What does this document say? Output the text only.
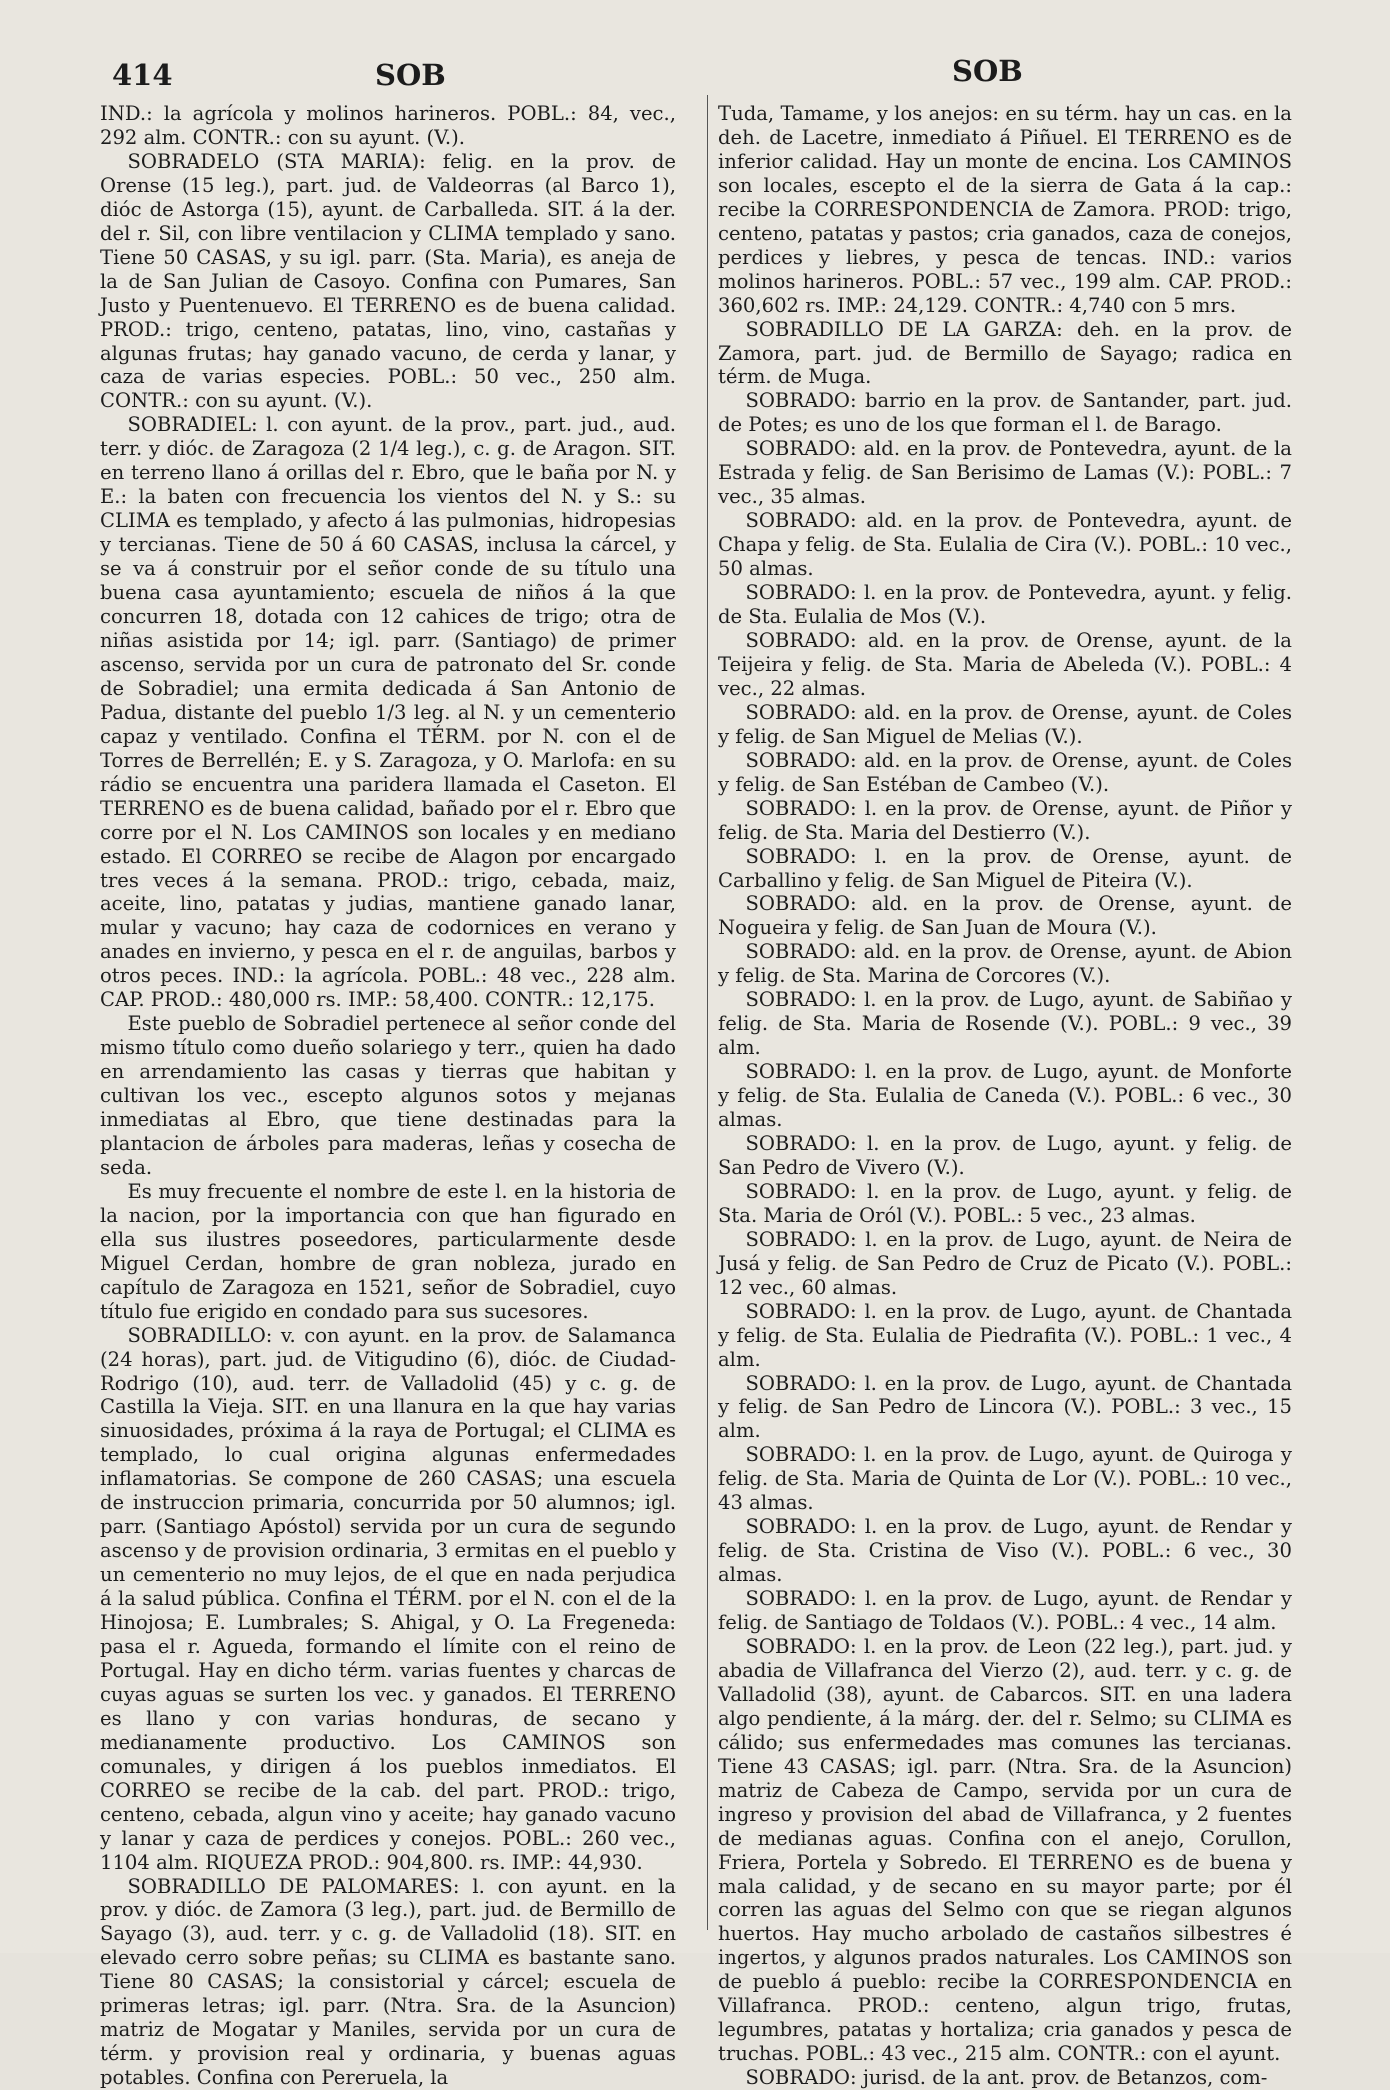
414	SOB	SOB

IND.: la agrícola y molinos harineros. POBL.: 84, vec., 292 alm. CONTR.: con su ayunt. (V.).

SOBRADELO (STA MARIA): felig. en la prov. de Orense (15 leg.), part. jud. de Valdeorras (al Barco 1), dióc de Astorga (15), ayunt. de Carballeda. SIT. á la der. del r. Sil, con libre ventilacion y CLIMA templado y sano. Tiene 50 CASAS, y su igl. parr. (Sta. Maria), es aneja de la de San Julian de Casoyo. Confina con Pumares, San Justo y Puentenuevo. El TERRENO es de buena calidad. PROD.: trigo, centeno, patatas, lino, vino, castañas y algunas frutas; hay ganado vacuno, de cerda y lanar, y caza de varias especies. POBL.: 50 vec., 250 alm. CONTR.: con su ayunt. (V.).

SOBRADIEL: l. con ayunt. de la prov., part. jud., aud. terr. y dióc. de Zaragoza (2 1/4 leg.), c. g. de Aragon. SIT. en terreno llano á orillas del r. Ebro, que le baña por N. y E.: la baten con frecuencia los vientos del N. y S.: su CLIMA es templado, y afecto á las pulmonias, hidropesias y tercianas. Tiene de 50 á 60 CASAS, inclusa la cárcel, y se va á construir por el señor conde de su título una buena casa ayuntamiento; escuela de niños á la que concurren 18, dotada con 12 cahices de trigo; otra de niñas asistida por 14; igl. parr. (Santiago) de primer ascenso, servida por un cura de patronato del Sr. conde de Sobradiel; una ermita dedicada á San Antonio de Padua, distante del pueblo 1/3 leg. al N. y un cementerio capaz y ventilado. Confina el TÉRM. por N. con el de Torres de Berrellén; E. y S. Zaragoza, y O. Marlofa: en su rádio se encuentra una paridera llamada el Caseton. El TERRENO es de buena calidad, bañado por el r. Ebro que corre por el N. Los CAMINOS son locales y en mediano estado. El CORREO se recibe de Alagon por encargado tres veces á la semana. PROD.: trigo, cebada, maiz, aceite, lino, patatas y judias, mantiene ganado lanar, mular y vacuno; hay caza de codornices en verano y anades en invierno, y pesca en el r. de anguilas, barbos y otros peces. IND.: la agrícola. POBL.: 48 vec., 228 alm. CAP. PROD.: 480,000 rs. IMP.: 58,400. CONTR.: 12,175.

Este pueblo de Sobradiel pertenece al señor conde del mismo título como dueño solariego y terr., quien ha dado en arrendamiento las casas y tierras que habitan y cultivan los vec., escepto algunos sotos y mejanas inmediatas al Ebro, que tiene destinadas para la plantacion de árboles para maderas, leñas y cosecha de seda.

Es muy frecuente el nombre de este l. en la historia de la nacion, por la importancia con que han figurado en ella sus ilustres poseedores, particularmente desde Miguel Cerdan, hombre de gran nobleza, jurado en capítulo de Zaragoza en 1521, señor de Sobradiel, cuyo título fue erigido en condado para sus sucesores.

SOBRADILLO: v. con ayunt. en la prov. de Salamanca (24 horas), part. jud. de Vitigudino (6), dióc. de Ciudad-Rodrigo (10), aud. terr. de Valladolid (45) y c. g. de Castilla la Vieja. SIT. en una llanura en la que hay varias sinuosidades, próxima á la raya de Portugal; el CLIMA es templado, lo cual origina algunas enfermedades inflamatorias. Se compone de 260 CASAS; una escuela de instruccion primaria, concurrida por 50 alumnos; igl. parr. (Santiago Apóstol) servida por un cura de segundo ascenso y de provision ordinaria, 3 ermitas en el pueblo y un cementerio no muy lejos, de el que en nada perjudica á la salud pública. Confina el TÉRM. por el N. con el de la Hinojosa; E. Lumbrales; S. Ahigal, y O. La Fregeneda: pasa el r. Agueda, formando el límite con el reino de Portugal. Hay en dicho térm. varias fuentes y charcas de cuyas aguas se surten los vec. y ganados. El TERRENO es llano y con varias honduras, de secano y medianamente productivo. Los CAMINOS son comunales, y dirigen á los pueblos inmediatos. El CORREO se recibe de la cab. del part. PROD.: trigo, centeno, cebada, algun vino y aceite; hay ganado vacuno y lanar y caza de perdices y conejos. POBL.: 260 vec., 1104 alm. RIQUEZA PROD.: 904,800. rs. IMP.: 44,930.

SOBRADILLO DE PALOMARES: l. con ayunt. en la prov. y dióc. de Zamora (3 leg.), part. jud. de Bermillo de Sayago (3), aud. terr. y c. g. de Valladolid (18). SIT. en elevado cerro sobre peñas; su CLIMA es bastante sano. Tiene 80 CASAS; la consistorial y cárcel; escuela de primeras letras; igl. parr. (Ntra. Sra. de la Asuncion) matriz de Mogatar y Maniles, servida por un cura de térm. y provision real y ordinaria, y buenas aguas potables. Confina con Pereruela, la

Tuda, Tamame, y los anejos: en su térm. hay un cas. en la deh. de Lacetre, inmediato á Piñuel. El TERRENO es de inferior calidad. Hay un monte de encina. Los CAMINOS son locales, escepto el de la sierra de Gata á la cap.: recibe la CORRESPONDENCIA de Zamora. PROD: trigo, centeno, patatas y pastos; cria ganados, caza de conejos, perdices y liebres, y pesca de tencas. IND.: varios molinos harineros. POBL.: 57 vec., 199 alm. CAP. PROD.: 360,602 rs. IMP.: 24,129. CONTR.: 4,740 con 5 mrs.

SOBRADILLO DE LA GARZA: deh. en la prov. de Zamora, part. jud. de Bermillo de Sayago; radica en térm. de Muga.

SOBRADO: barrio en la prov. de Santander, part. jud. de Potes; es uno de los que forman el l. de Barago.

SOBRADO: ald. en la prov. de Pontevedra, ayunt. de la Estrada y felig. de San Berisimo de Lamas (V.): POBL.: 7 vec., 35 almas.

SOBRADO: ald. en la prov. de Pontevedra, ayunt. de Chapa y felig. de Sta. Eulalia de Cira (V.). POBL.: 10 vec., 50 almas.

SOBRADO: l. en la prov. de Pontevedra, ayunt. y felig. de Sta. Eulalia de Mos (V.).

SOBRADO: ald. en la prov. de Orense, ayunt. de la Teijeira y felig. de Sta. Maria de Abeleda (V.). POBL.: 4 vec., 22 almas.

SOBRADO: ald. en la prov. de Orense, ayunt. de Coles y felig. de San Miguel de Melias (V.).

SOBRADO: ald. en la prov. de Orense, ayunt. de Coles y felig. de San Estéban de Cambeo (V.).

SOBRADO: l. en la prov. de Orense, ayunt. de Piñor y felig. de Sta. Maria del Destierro (V.).

SOBRADO: l. en la prov. de Orense, ayunt. de Carballino y felig. de San Miguel de Piteira (V.).

SOBRADO: ald. en la prov. de Orense, ayunt. de Nogueira y felig. de San Juan de Moura (V.).

SOBRADO: ald. en la prov. de Orense, ayunt. de Abion y felig. de Sta. Marina de Corcores (V.).

SOBRADO: l. en la prov. de Lugo, ayunt. de Sabiñao y felig. de Sta. Maria de Rosende (V.). POBL.: 9 vec., 39 alm.

SOBRADO: l. en la prov. de Lugo, ayunt. de Monforte y felig. de Sta. Eulalia de Caneda (V.). POBL.: 6 vec., 30 almas.

SOBRADO: l. en la prov. de Lugo, ayunt. y felig. de San Pedro de Vivero (V.).

SOBRADO: l. en la prov. de Lugo, ayunt. y felig. de Sta. Maria de Oról (V.). POBL.: 5 vec., 23 almas.

SOBRADO: l. en la prov. de Lugo, ayunt. de Neira de Jusá y felig. de San Pedro de Cruz de Picato (V.). POBL.: 12 vec., 60 almas.

SOBRADO: l. en la prov. de Lugo, ayunt. de Chantada y felig. de Sta. Eulalia de Piedrafita (V.). POBL.: 1 vec., 4 alm.

SOBRADO: l. en la prov. de Lugo, ayunt. de Chantada y felig. de San Pedro de Lincora (V.). POBL.: 3 vec., 15 alm.

SOBRADO: l. en la prov. de Lugo, ayunt. de Quiroga y felig. de Sta. Maria de Quinta de Lor (V.). POBL.: 10 vec., 43 almas.

SOBRADO: l. en la prov. de Lugo, ayunt. de Rendar y felig. de Sta. Cristina de Viso (V.). POBL.: 6 vec., 30 almas.

SOBRADO: l. en la prov. de Lugo, ayunt. de Rendar y felig. de Santiago de Toldaos (V.). POBL.: 4 vec., 14 alm.

SOBRADO: l. en la prov. de Leon (22 leg.), part. jud. y abadia de Villafranca del Vierzo (2), aud. terr. y c. g. de Valladolid (38), ayunt. de Cabarcos. SIT. en una ladera algo pendiente, á la márg. der. del r. Selmo; su CLIMA es cálido; sus enfermedades mas comunes las tercianas. Tiene 43 CASAS; igl. parr. (Ntra. Sra. de la Asuncion) matriz de Cabeza de Campo, servida por un cura de ingreso y provision del abad de Villafranca, y 2 fuentes de medianas aguas. Confina con el anejo, Corullon, Friera, Portela y Sobredo. El TERRENO es de buena y mala calidad, y de secano en su mayor parte; por él corren las aguas del Selmo con que se riegan algunos huertos. Hay mucho arbolado de castaños silbestres é ingertos, y algunos prados naturales. Los CAMINOS son de pueblo á pueblo: recibe la CORRESPONDENCIA en Villafranca. PROD.: centeno, algun trigo, frutas, legumbres, patatas y hortaliza; cria ganados y pesca de truchas. POBL.: 43 vec., 215 alm. CONTR.: con el ayunt.

SOBRADO: jurisd. de la ant. prov. de Betanzos, com-
